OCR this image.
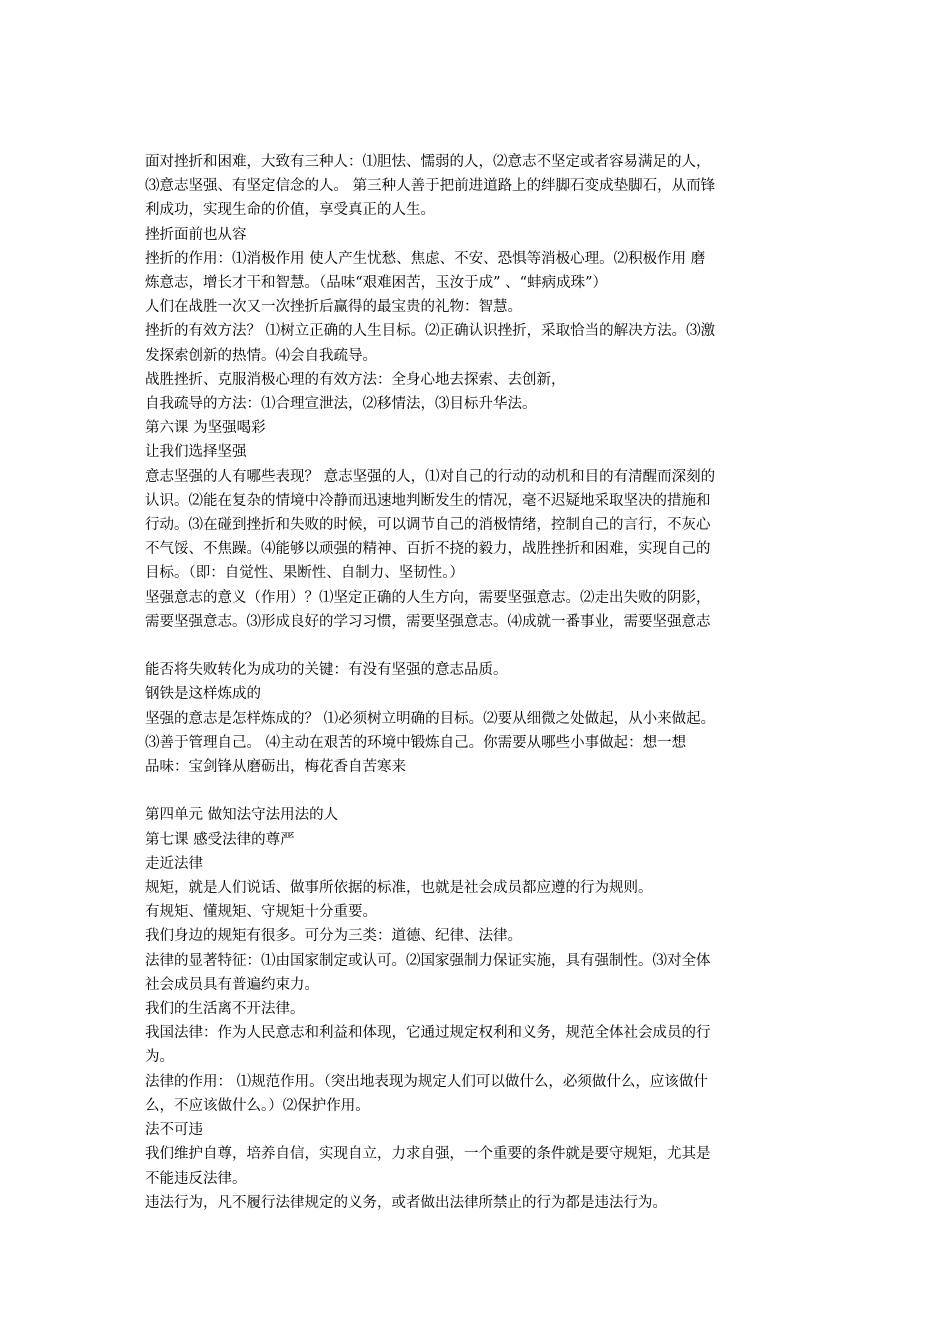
面对挫折和困难，大致有三种人：⑴胆怯、懦弱的人，⑵意志不坚定或者容易满足的人，
⑶意志坚强、有坚定信念的人。 第三种人善于把前进道路上的绊脚石变成垫脚石，从而锋
利成功，实现生命的价值，享受真正的人生。
挫折面前也从容
挫折的作用：⑴消极作用 使人产生忧愁、焦虑、不安、恐惧等消极心理。⑵积极作用 磨
炼意志，增长才干和智慧。（品味“艰难困苦，玉汝于成” 、“蚌病成珠”）
人们在战胜一次又一次挫折后赢得的最宝贵的礼物：智慧。
挫折的有效方法？ ⑴树立正确的人生目标。⑵正确认识挫折，采取恰当的解决方法。⑶激
发探索创新的热情。⑷会自我疏导。
战胜挫折、克服消极心理的有效方法：全身心地去探索、去创新，
自我疏导的方法：⑴合理宣泄法，⑵移情法，⑶目标升华法。
第六课 为坚强喝彩
让我们选择坚强
意志坚强的人有哪些表现？ 意志坚强的人，⑴对自己的行动的动机和目的有清醒而深刻的
认识。⑵能在复杂的情境中冷静而迅速地判断发生的情况，毫不迟疑地采取坚决的措施和
行动。⑶在碰到挫折和失败的时候，可以调节自己的消极情绪，控制自己的言行，不灰心
不气馁、不焦躁。⑷能够以顽强的精神、百折不挠的毅力，战胜挫折和困难，实现自己的
目标。（即：自觉性、果断性、自制力、坚韧性。）
坚强意志的意义（作用）？⑴坚定正确的人生方向，需要坚强意志。⑵走出失败的阴影，
需要坚强意志。⑶形成良好的学习习惯，需要坚强意志。⑷成就一番事业，需要坚强意志
能否将失败转化为成功的关键：有没有坚强的意志品质。
钢铁是这样炼成的
坚强的意志是怎样炼成的？ ⑴必须树立明确的目标。⑵要从细微之处做起，从小来做起。
⑶善于管理自己。 ⑷主动在艰苦的环境中锻炼自己。你需要从哪些小事做起：想一想
品味：宝剑锋从磨砺出，梅花香自苦寒来
第四单元 做知法守法用法的人
第七课 感受法律的尊严
走近法律
规矩，就是人们说话、做事所依据的标准，也就是社会成员都应遵的行为规则。
有规矩、懂规矩、守规矩十分重要。
我们身边的规矩有很多。可分为三类：道德、纪律、法律。
法律的显著特征：⑴由国家制定或认可。⑵国家强制力保证实施，具有强制性。⑶对全体
社会成员具有普遍约束力。
我们的生活离不开法律。
我国法律：作为人民意志和利益和体现，它通过规定权利和义务，规范全体社会成员的行
为。
法律的作用： ⑴规范作用。（突出地表现为规定人们可以做什么，必须做什么，应该做什
么，不应该做什么。）⑵保护作用。
法不可违
我们维护自尊，培养自信，实现自立，力求自强，一个重要的条件就是要守规矩，尤其是
不能违反法律。
违法行为，凡不履行法律规定的义务，或者做出法律所禁止的行为都是违法行为。
